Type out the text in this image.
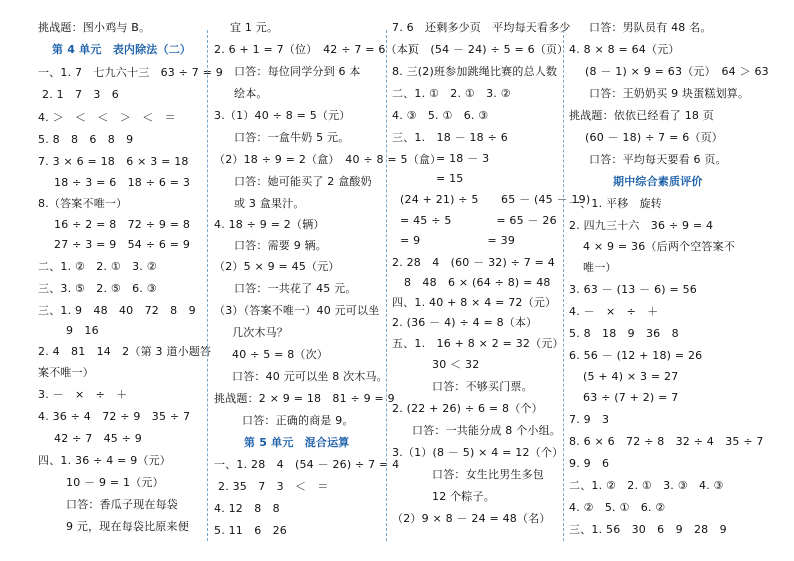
挑战题：图小鸡与 B。
第 4 单元　表内除法（二）
一、1. 7　七九六十三　63 ÷ 7 = 9
2. 1　7　3　6
4. ＞　＜　＜　＞　＜　＝
5. 8　8　6　8　9
7. 3 × 6 = 18　6 × 3 = 18
18 ÷ 3 = 6　18 ÷ 6 = 3
8.（答案不唯一）
16 ÷ 2 = 8　72 ÷ 9 = 8
27 ÷ 3 = 9　54 ÷ 6 = 9
二、1. ②　2. ①　3. ②
三、3. ⑤　2. ⑤　6. ③
三、1. 9　48　40　72　8　9
9　16
2. 4　81　14　2（第 3 道小题答
案不唯一）
3. －　×　÷　＋
4. 36 ÷ 4　72 ÷ 9　35 ÷ 7
42 ÷ 7　45 ÷ 9
四、1. 36 ÷ 4 = 9（元）
10 － 9 = 1（元）
口答：香瓜子现在每袋
9 元，现在每袋比原来便
宜 1 元。
2. 6 + 1 = 7（位）　42 ÷ 7 = 6（本）
口答：每位同学分到 6 本
绘本。
3.（1）40 ÷ 8 = 5（元）
口答：一盒牛奶 5 元。
（2）18 ÷ 9 = 2（盒）　40 ÷ 8 = 5（盒）
口答：她可能买了 2 盒酸奶
或 3 盒果汁。
4. 18 ÷ 9 = 2（辆）
口答：需要 9 辆。
（2）5 × 9 = 45（元）
口答：一共花了 45 元。
（3）（答案不唯一）40 元可以坐
几次木马？
40 ÷ 5 = 8（次）
口答：40 元可以坐 8 次木马。
挑战题：2 × 9 = 18　81 ÷ 9 = 9
口答：正确的商是 9。
第 5 单元　混合运算
一、1. 28　4　(54 － 26) ÷ 7 = 4
2. 35　7　3　＜　＝
4. 12　8　8
5. 11　6　26
7. 6　还剩多少页　平均每天看多少
页　(54 － 24) ÷ 5 = 6（页）
8. 三(2)班参加跳绳比赛的总人数
二、1. ①　2. ①　3. ②
4. ③　5. ①　6. ③
三、1.　18 － 18 ÷ 6
= 18 － 3
= 15
(24 + 21) ÷ 5　　65 － (45 － 19)
= 45 ÷ 5　　　　= 65 － 26
= 9　　　　　　= 39
2. 28　4　(60 － 32) ÷ 7 = 4
8　48　6 × (64 ÷ 8) = 48
四、1. 40 + 8 × 4 = 72（元）
2. (36 － 4) ÷ 4 = 8（本）
五、1.　16 + 8 × 2 = 32（元）
30 ＜ 32
口答：不够买门票。
2. (22 + 26) ÷ 6 = 8（个）
口答：一共能分成 8 个小组。
3.（1）(8 － 5) × 4 = 12（个）
口答：女生比男生多包
12 个粽子。
（2）9 × 8 － 24 = 48（名）
口答：男队员有 48 名。
4. 8 × 8 = 64（元）
(8 － 1) × 9 = 63（元）　64 ＞ 63
口答：王奶奶买 9 块蛋糕划算。
挑战题：依依已经看了 18 页
(60 － 18) ÷ 7 = 6（页）
口答：平均每天要看 6 页。
期中综合素质评价
一、1. 平移　旋转
2. 四九三十六　36 ÷ 9 = 4
4 × 9 = 36（后两个空答案不
唯一）
3. 63 － (13 － 6) = 56
4. －　×　÷　＋
5. 8　18　9　36　8
6. 56 － (12 + 18) = 26
(5 + 4) × 3 = 27
63 ÷ (7 + 2) = 7
7. 9　3
8. 6 × 6　72 ÷ 8　32 ÷ 4　35 ÷ 7
9. 9　6
二、1. ②　2. ①　3. ③　4. ③
4. ②　5. ①　6. ②
三、1. 56　30　6　9　28　9
